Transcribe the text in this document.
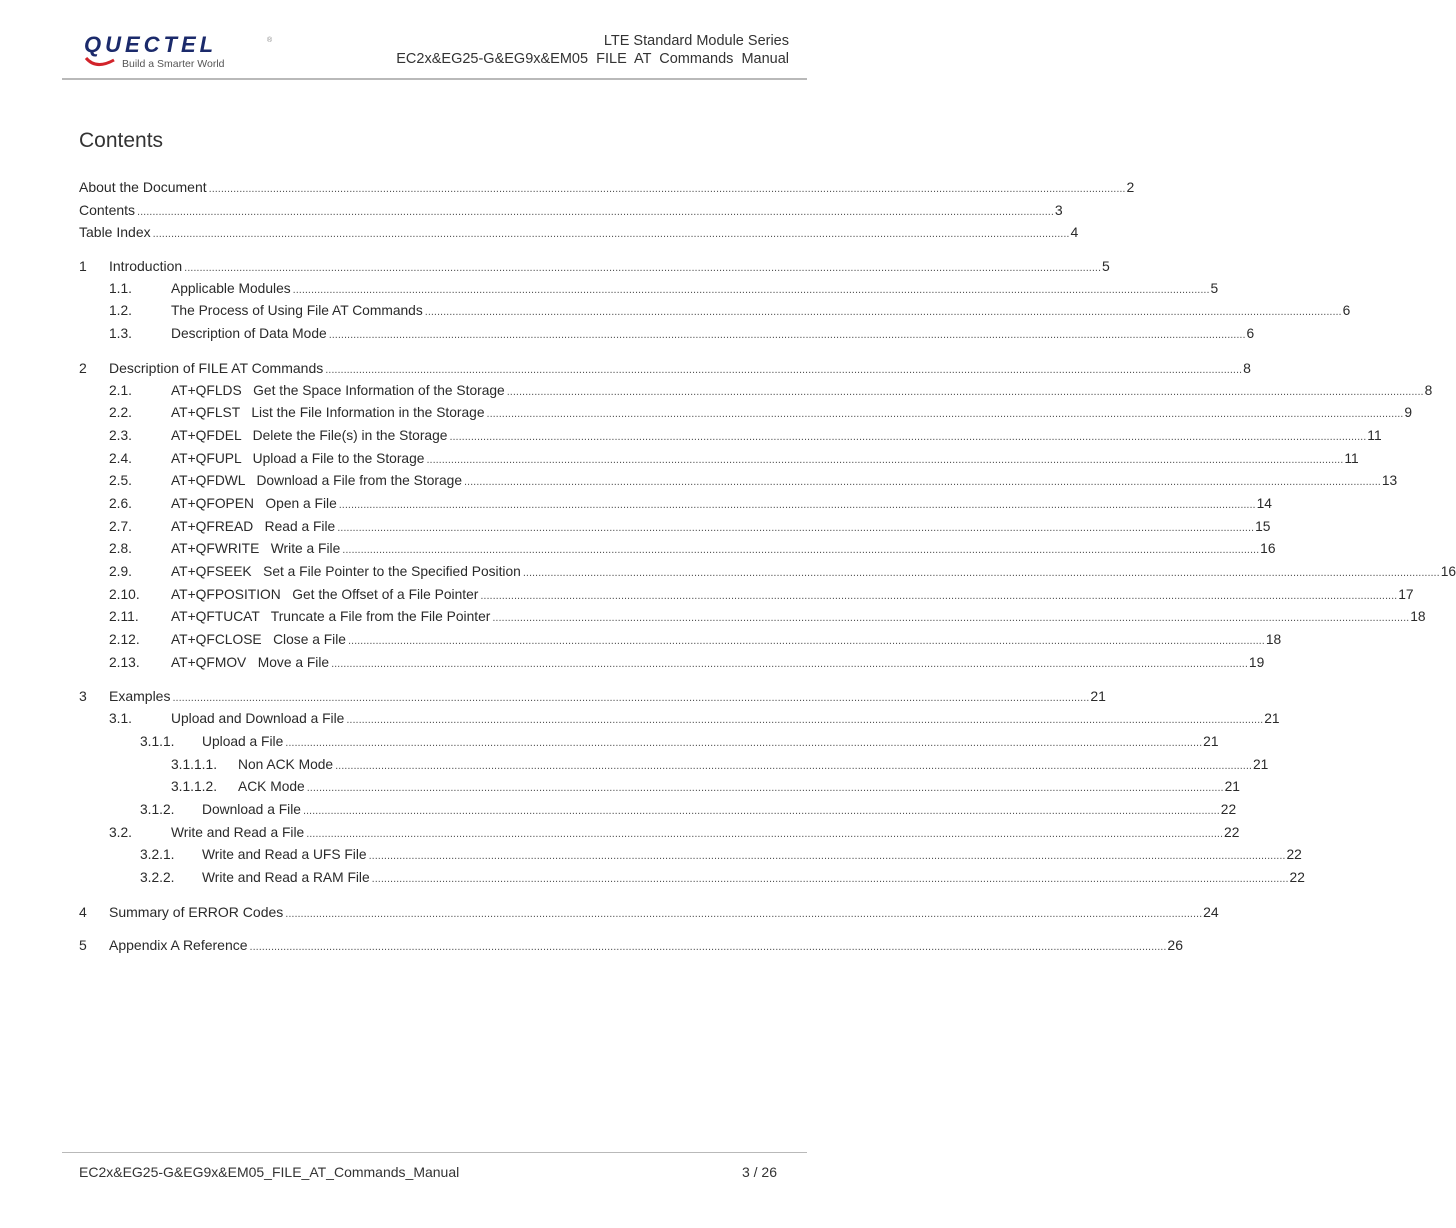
QUECTEL	®
Build a Smarter World
LTE Standard Module Series
EC2x&EG25-G&EG9x&EM05  FILE  AT  Commands  Manual
Contents
About the Document ............................................................................................................................................................................................................................................................................................................ 2
Contents ............................................................................................................................................................................................................................................................................................................ 3
Table Index ............................................................................................................................................................................................................................................................................................................ 4
1	Introduction ............................................................................................................................................................................................................................................................................................................ 5
1.1.	Applicable Modules ............................................................................................................................................................................................................................................................................................................ 5
1.2.	The Process of Using File AT Commands ............................................................................................................................................................................................................................................................................................................ 6
1.3.	Description of Data Mode ............................................................................................................................................................................................................................................................................................................ 6
2	Description of FILE AT Commands ............................................................................................................................................................................................................................................................................................................ 8
2.1.	AT+QFLDS   Get the Space Information of the Storage ............................................................................................................................................................................................................................................................................................................ 8
2.2.	AT+QFLST   List the File Information in the Storage ............................................................................................................................................................................................................................................................................................................ 9
2.3.	AT+QFDEL   Delete the File(s) in the Storage ............................................................................................................................................................................................................................................................................................................ 11
2.4.	AT+QFUPL   Upload a File to the Storage ............................................................................................................................................................................................................................................................................................................ 11
2.5.	AT+QFDWL   Download a File from the Storage ............................................................................................................................................................................................................................................................................................................ 13
2.6.	AT+QFOPEN   Open a File ............................................................................................................................................................................................................................................................................................................ 14
2.7.	AT+QFREAD   Read a File ............................................................................................................................................................................................................................................................................................................ 15
2.8.	AT+QFWRITE   Write a File ............................................................................................................................................................................................................................................................................................................ 16
2.9.	AT+QFSEEK   Set a File Pointer to the Specified Position ............................................................................................................................................................................................................................................................................................................ 16
2.10.	AT+QFPOSITION   Get the Offset of a File Pointer ............................................................................................................................................................................................................................................................................................................ 17
2.11.	AT+QFTUCAT   Truncate a File from the File Pointer ............................................................................................................................................................................................................................................................................................................ 18
2.12.	AT+QFCLOSE   Close a File ............................................................................................................................................................................................................................................................................................................ 18
2.13.	AT+QFMOV   Move a File ............................................................................................................................................................................................................................................................................................................ 19
3	Examples ............................................................................................................................................................................................................................................................................................................ 21
3.1.	Upload and Download a File ............................................................................................................................................................................................................................................................................................................ 21
3.1.1.	Upload a File ............................................................................................................................................................................................................................................................................................................ 21
3.1.1.1.	Non ACK Mode ............................................................................................................................................................................................................................................................................................................ 21
3.1.1.2.	ACK Mode ............................................................................................................................................................................................................................................................................................................ 21
3.1.2.	Download a File ............................................................................................................................................................................................................................................................................................................ 22
3.2.	Write and Read a File ............................................................................................................................................................................................................................................................................................................ 22
3.2.1.	Write and Read a UFS File ............................................................................................................................................................................................................................................................................................................ 22
3.2.2.	Write and Read a RAM File ............................................................................................................................................................................................................................................................................................................ 22
4	Summary of ERROR Codes ............................................................................................................................................................................................................................................................................................................ 24
5	Appendix A Reference ............................................................................................................................................................................................................................................................................................................ 26
EC2x&EG25-G&EG9x&EM05_FILE_AT_Commands_Manual	3 / 26
